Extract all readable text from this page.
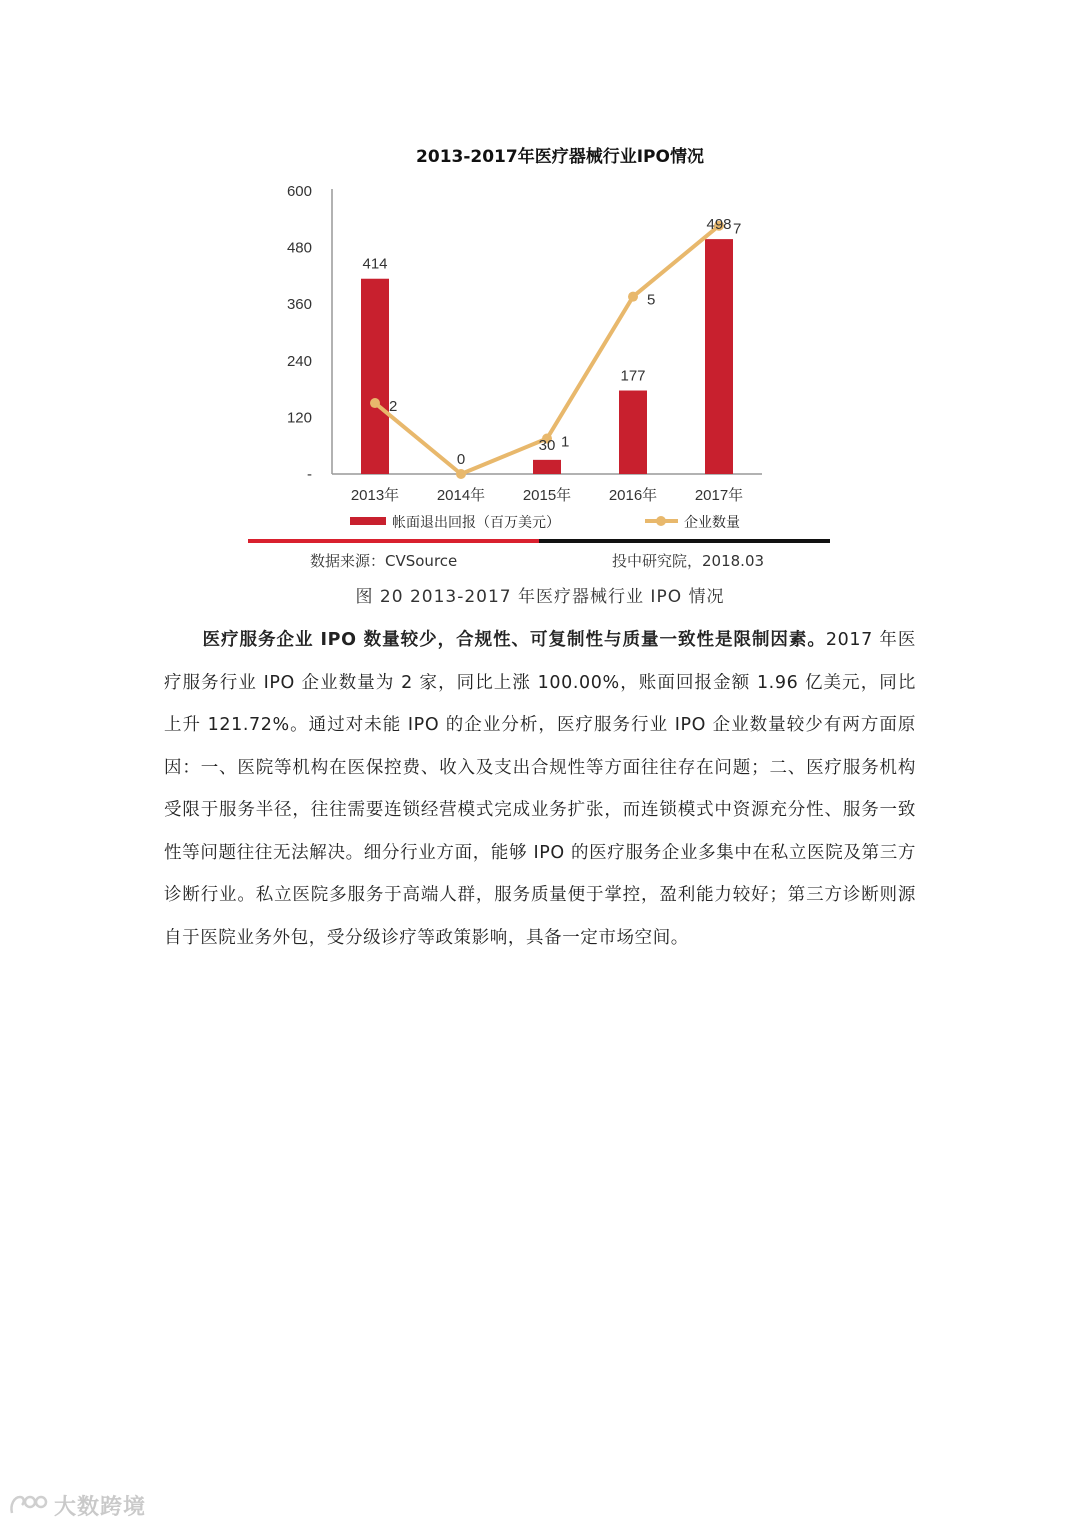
2013-2017年医疗器械行业IPO情况
-
120
240
360
480
600
2013年	2014年	2015年	2016年	2017年
414
0
30
177
498
2
1
5
7
帐面退出回报（百万美元）	企业数量
数据来源：CVSource	投中研究院，2018.03
图 20 2013-2017 年医疗器械行业 IPO 情况

医疗服务企业 IPO 数量较少，合规性、可复制性与质量一致性是限制因素。2017 年医疗服务行业 IPO 企业数量为 2 家，同比上涨 100.00%，账面回报金额 1.96 亿美元，同比上升 121.72%。通过对未能 IPO 的企业分析，医疗服务行业 IPO 企业数量较少有两方面原因：一、医院等机构在医保控费、收入及支出合规性等方面往往存在问题；二、医疗服务机构受限于服务半径，往往需要连锁经营模式完成业务扩张，而连锁模式中资源充分性、服务一致性等问题往往无法解决。细分行业方面，能够 IPO 的医疗服务企业多集中在私立医院及第三方诊断行业。私立医院多服务于高端人群，服务质量便于掌控，盈利能力较好；第三方诊断则源自于医院业务外包，受分级诊疗等政策影响，具备一定市场空间。

大数跨境
